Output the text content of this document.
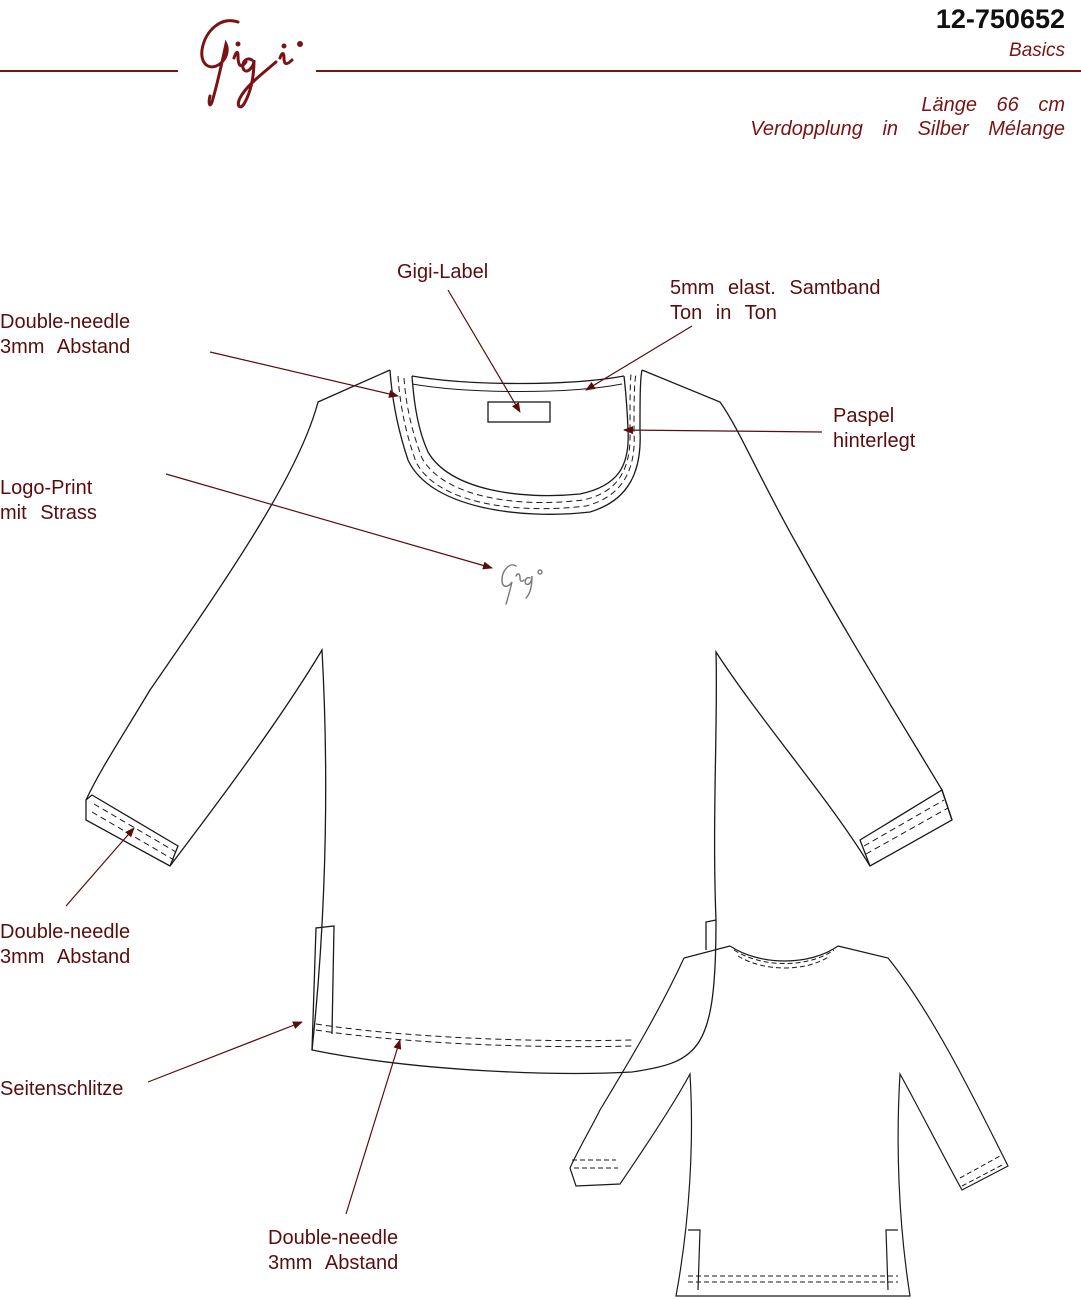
12-750652
Basics
Länge 66 cm
Verdopplung in Silber Mélange
Gigi-Label
5mm elast. Samtband
Ton in Ton
Double-needle
3mm Abstand
Paspel
hinterlegt
Logo-Print
mit Strass
Double-needle
3mm Abstand
Seitenschlitze
Double-needle
3mm Abstand
